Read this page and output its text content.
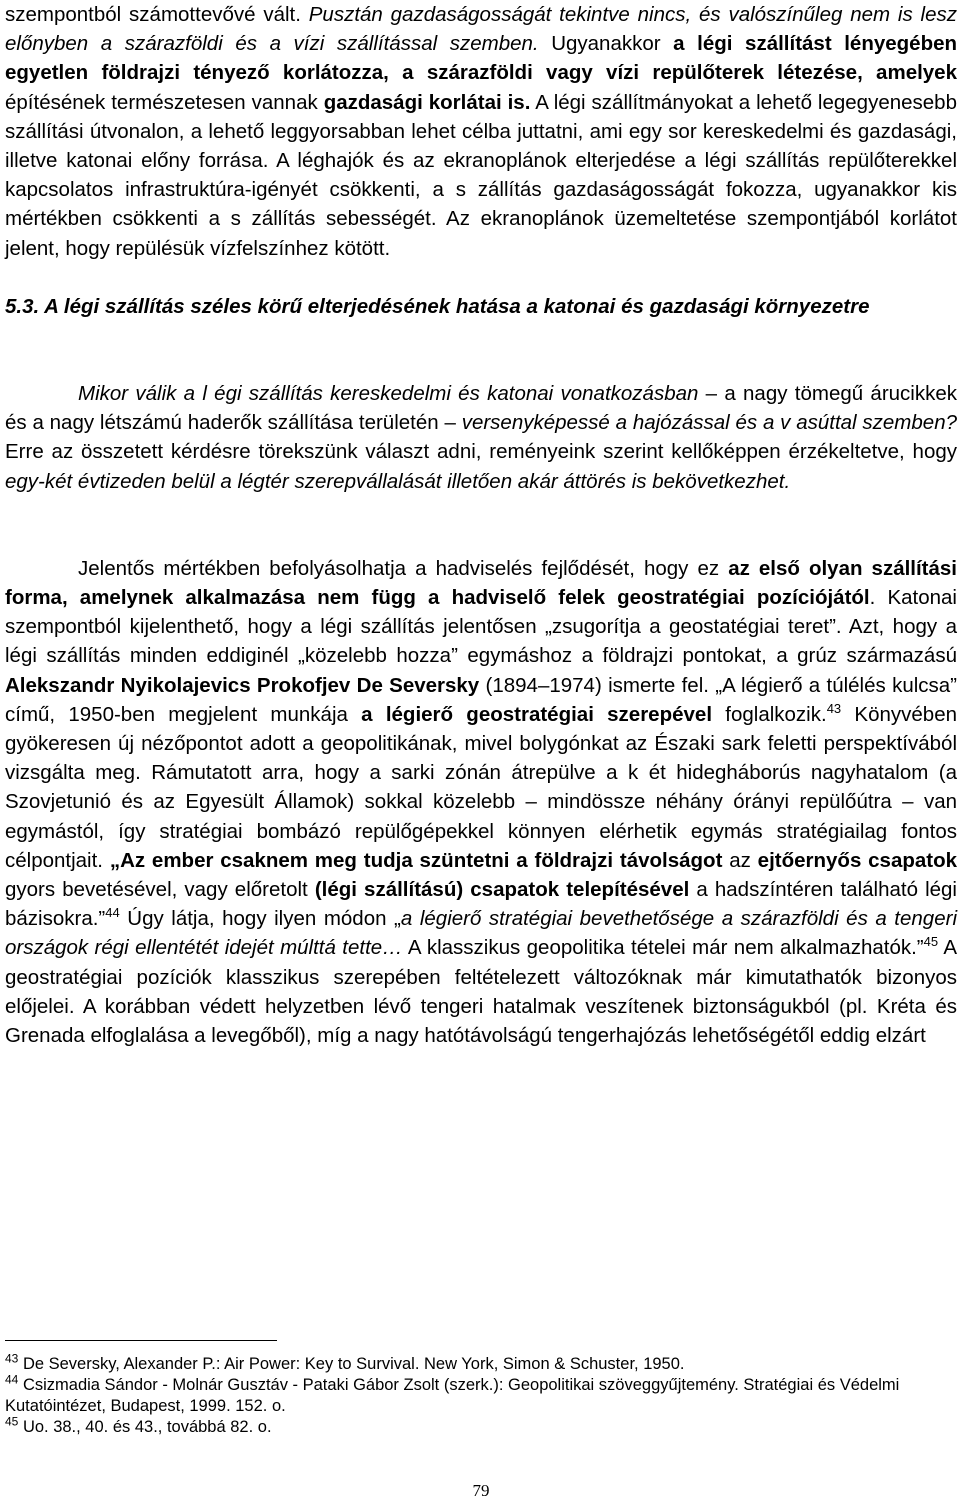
szempontból számottevővé vált. Pusztán gazdaságosságát tekintve nincs, és valószínűleg nem is lesz előnyben a szárazföldi és a vízi szállítással szemben. Ugyanakkor a légi szállítást lényegében egyetlen földrajzi tényező korlátozza, a szárazföldi vagy vízi repülőterek létezése, amelyek építésének természetesen vannak gazdasági korlátai is. A légi szállítmányokat a lehető legegyenesebb szállítási útvonalon, a lehető leggyorsabban lehet célba juttatni, ami egy sor kereskedelmi és gazdasági, illetve katonai előny forrása. A léghajók és az ekranoplánok elterjedése a légi szállítás repülőterekkel kapcsolatos infrastruktúra-igényét csökkenti, a s zállítás gazdaságosságát fokozza, ugyanakkor kis mértékben csökkenti a s zállítás sebességét. Az ekranoplánok üzemeltetése szempontjából korlátot jelent, hogy repülésük vízfelszínhez kötött.

5.3. A légi szállítás széles körű elterjedésének hatása a katonai és gazdasági környezetre

Mikor válik a l égi szállítás kereskedelmi és katonai vonatkozásban – a nagy tömegű árucikkek és a nagy létszámú haderők szállítása területén – versenyképessé a hajózással és a v asúttal szemben? Erre az összetett kérdésre törekszünk választ adni, reményeink szerint kellőképpen érzékeltetve, hogy egy-két évtizeden belül a légtér szerepvállalását illetően akár áttörés is bekövetkezhet.

Jelentős mértékben befolyásolhatja a hadviselés fejlődését, hogy ez az első olyan szállítási forma, amelynek alkalmazása nem függ a hadviselő felek geostratégiai pozíciójától. Katonai szempontból kijelenthető, hogy a légi szállítás jelentősen „zsugorítja a geostatégiai teret”. Azt, hogy a légi szállítás minden eddiginél „közelebb hozza” egymáshoz a földrajzi pontokat, a grúz származású Alekszandr Nyikolajevics Prokofjev De Seversky (1894–1974) ismerte fel. „A légierő a túlélés kulcsa” című, 1950-ben megjelent munkája a légierő geostratégiai szerepével foglalkozik.$^{43}$ Könyvében gyökeresen új nézőpontot adott a geopolitikának, mivel bolygónkat az Északi sark feletti perspektívából vizsgálta meg. Rámutatott arra, hogy a sarki zónán átrepülve a k ét hidegháborús nagyhatalom (a Szovjetunió és az Egyesült Államok) sokkal közelebb – mindössze néhány órányi repülőútra – van egymástól, így stratégiai bombázó repülőgépekkel könnyen elérhetik egymás stratégiailag fontos célpontjait. „Az ember csaknem meg tudja szüntetni a földrajzi távolságot az ejtőernyős csapatok gyors bevetésével, vagy előretolt (légi szállítású) csapatok telepítésével a hadszíntéren található légi bázisokra.”$^{44}$ Úgy látja, hogy ilyen módon „a légierő stratégiai bevethetősége a szárazföldi és a tengeri országok régi ellentétét idejét múlttá tette… A klasszikus geopolitika tételei már nem alkalmazhatók.”$^{45}$ A geostratégiai pozíciók klasszikus szerepében feltételezett változóknak már kimutathatók bizonyos előjelei. A korábban védett helyzetben lévő tengeri hatalmak veszítenek biztonságukból (pl. Kréta és Grenada elfoglalása a levegőből), míg a nagy hatótávolságú tengerhajózás lehetőségétől eddig elzárt

$^{43}$ De Seversky, Alexander P.: Air Power: Key to Survival. New York, Simon & Schuster, 1950.
$^{44}$ Csizmadia Sándor - Molnár Gusztáv - Pataki Gábor Zsolt (szerk.): Geopolitikai szöveggyűjtemény. Stratégiai és Védelmi Kutatóintézet, Budapest, 1999. 152. o.
$^{45}$ Uo. 38., 40. és 43., továbbá 82. o.
79
